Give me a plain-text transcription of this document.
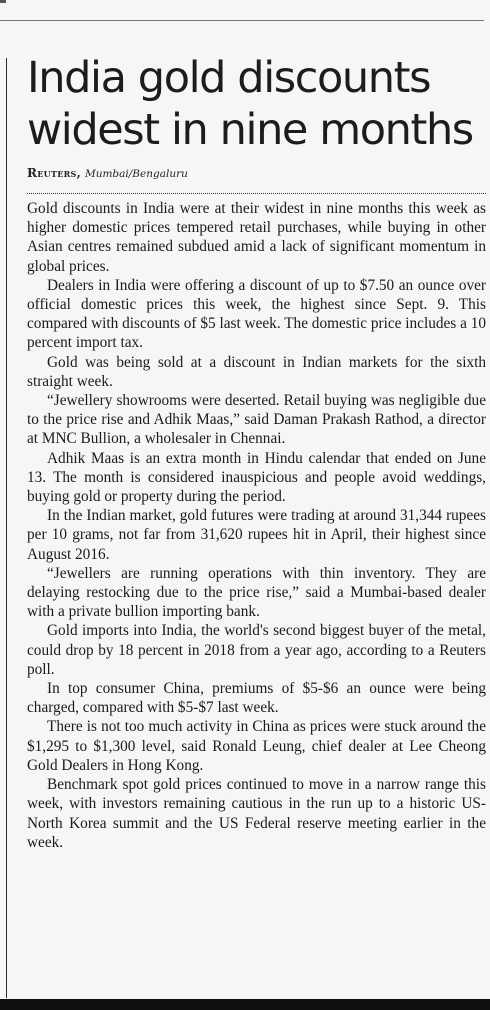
India gold discounts widest in nine months
Reuters, Mumbai/Bengaluru

Gold discounts in India were at their widest in nine months this week as higher domestic prices tempered retail purchases, while buying in other Asian centres remained subdued amid a lack of significant momentum in global prices.

Dealers in India were offering a discount of up to $7.50 an ounce over official domestic prices this week, the highest since Sept. 9. This compared with discounts of $5 last week. The domestic price includes a 10 percent import tax.

Gold was being sold at a discount in Indian markets for the sixth straight week.

“Jewellery showrooms were deserted. Retail buying was negligible due to the price rise and Adhik Maas,” said Daman Prakash Rathod, a director at MNC Bullion, a wholesaler in Chennai.

Adhik Maas is an extra month in Hindu calendar that ended on June 13. The month is considered inauspicious and people avoid weddings, buying gold or property during the period.

In the Indian market, gold futures were trading at around 31,344 rupees per 10 grams, not far from 31,620 rupees hit in April, their highest since August 2016.

“Jewellers are running operations with thin inventory. They are delaying restocking due to the price rise,” said a Mumbai-based dealer with a private bullion importing bank.

Gold imports into India, the world's second biggest buyer of the metal, could drop by 18 percent in 2018 from a year ago, according to a Reuters poll.

In top consumer China, premiums of $5-$6 an ounce were being charged, compared with $5-$7 last week.

There is not too much activity in China as prices were stuck around the $1,295 to $1,300 level, said Ronald Leung, chief dealer at Lee Cheong Gold Dealers in Hong Kong.

Benchmark spot gold prices continued to move in a narrow range this week, with investors remaining cautious in the run up to a historic US-North Korea summit and the US Federal reserve meeting earlier in the week.
